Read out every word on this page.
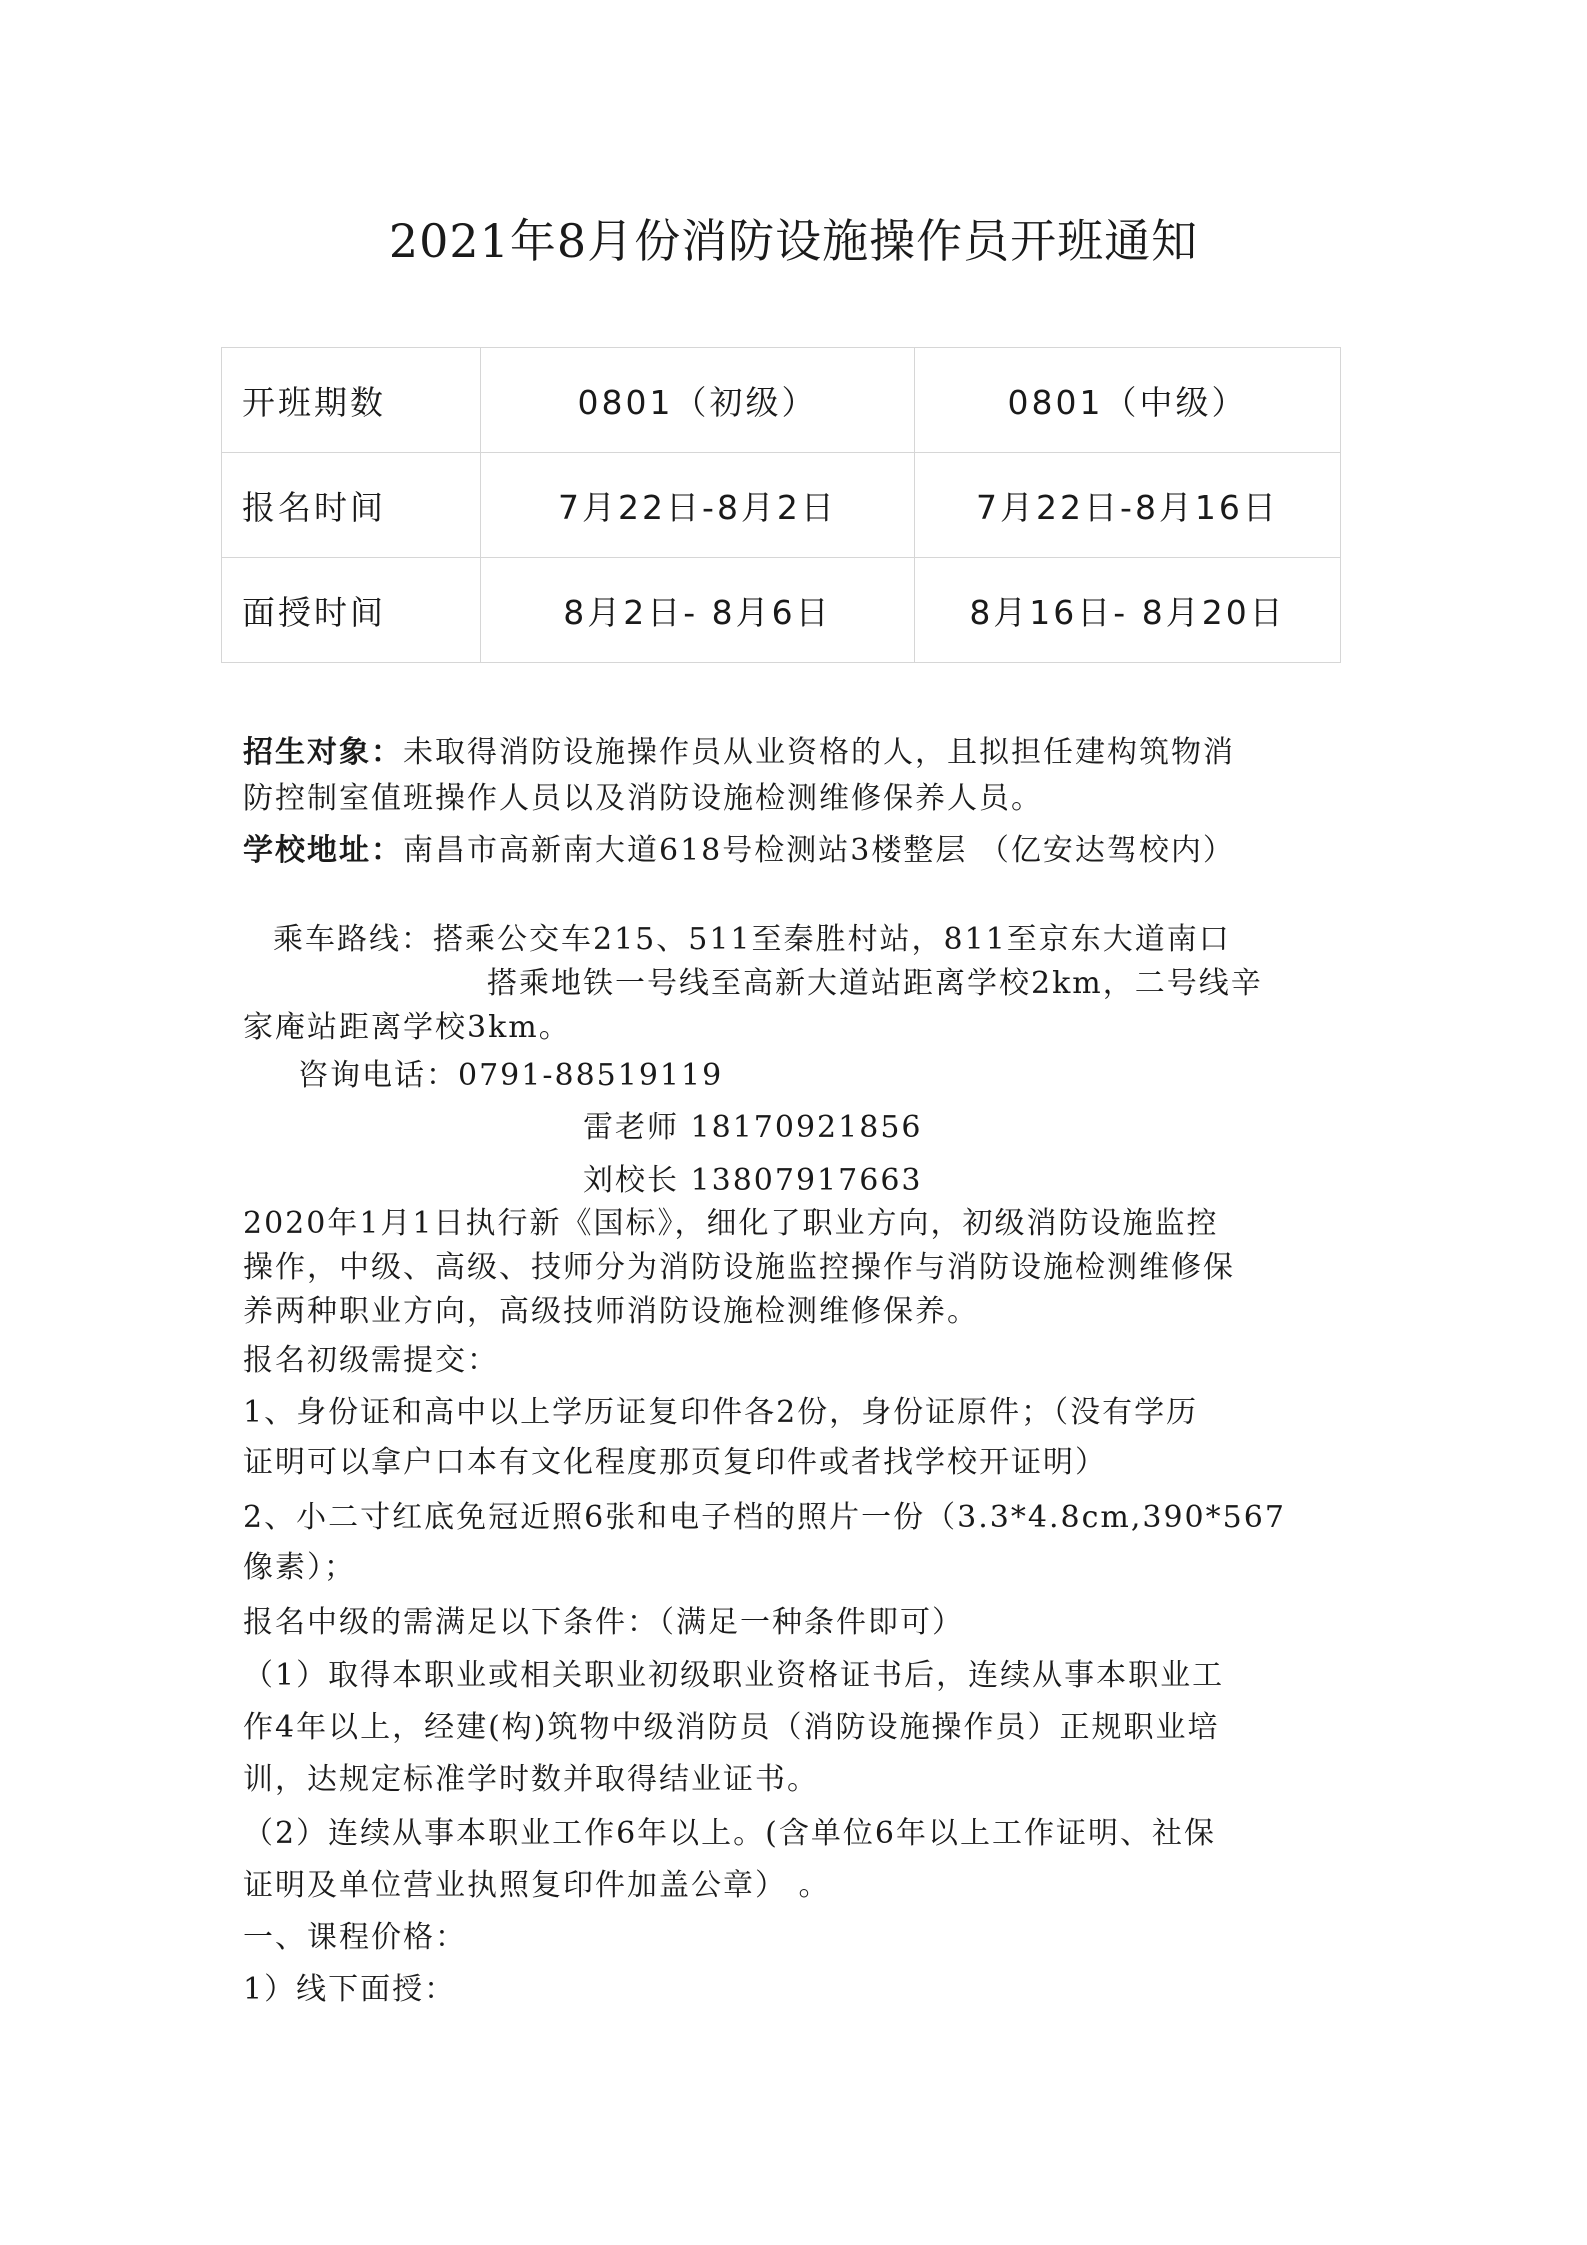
2021年8月份消防设施操作员开班通知
开班期数	0801（初级）	0801（中级）
报名时间	7月22日-8月2日	7月22日-8月16日
面授时间	8月2日- 8月6日	8月16日- 8月20日
招生对象：未取得消防设施操作员从业资格的人，且拟担任建构筑物消
防控制室值班操作人员以及消防设施检测维修保养人员。
学校地址：南昌市高新南大道618号检测站3楼整层 （亿安达驾校内）
乘车路线：搭乘公交车215、511至秦胜村站，811至京东大道南口
搭乘地铁一号线至高新大道站距离学校2km，二号线辛
家庵站距离学校3km。
咨询电话：0791-88519119
雷老师 18170921856
刘校长 13807917663
2020年1月1日执行新《国标》，细化了职业方向，初级消防设施监控
操作，中级、高级、技师分为消防设施监控操作与消防设施检测维修保
养两种职业方向，高级技师消防设施检测维修保养。
报名初级需提交：
1、身份证和高中以上学历证复印件各2份，身份证原件；（没有学历
证明可以拿户口本有文化程度那页复印件或者找学校开证明）
2、小二寸红底免冠近照6张和电子档的照片一份（3.3*4.8cm,390*567
像素）；
报名中级的需满足以下条件：（满足一种条件即可）
（1）取得本职业或相关职业初级职业资格证书后，连续从事本职业工
作4年以上，经建(构)筑物中级消防员（消防设施操作员）正规职业培
训，达规定标准学时数并取得结业证书。
（2）连续从事本职业工作6年以上。(含单位6年以上工作证明、社保
证明及单位营业执照复印件加盖公章） 。
一、课程价格：
1）线下面授：
